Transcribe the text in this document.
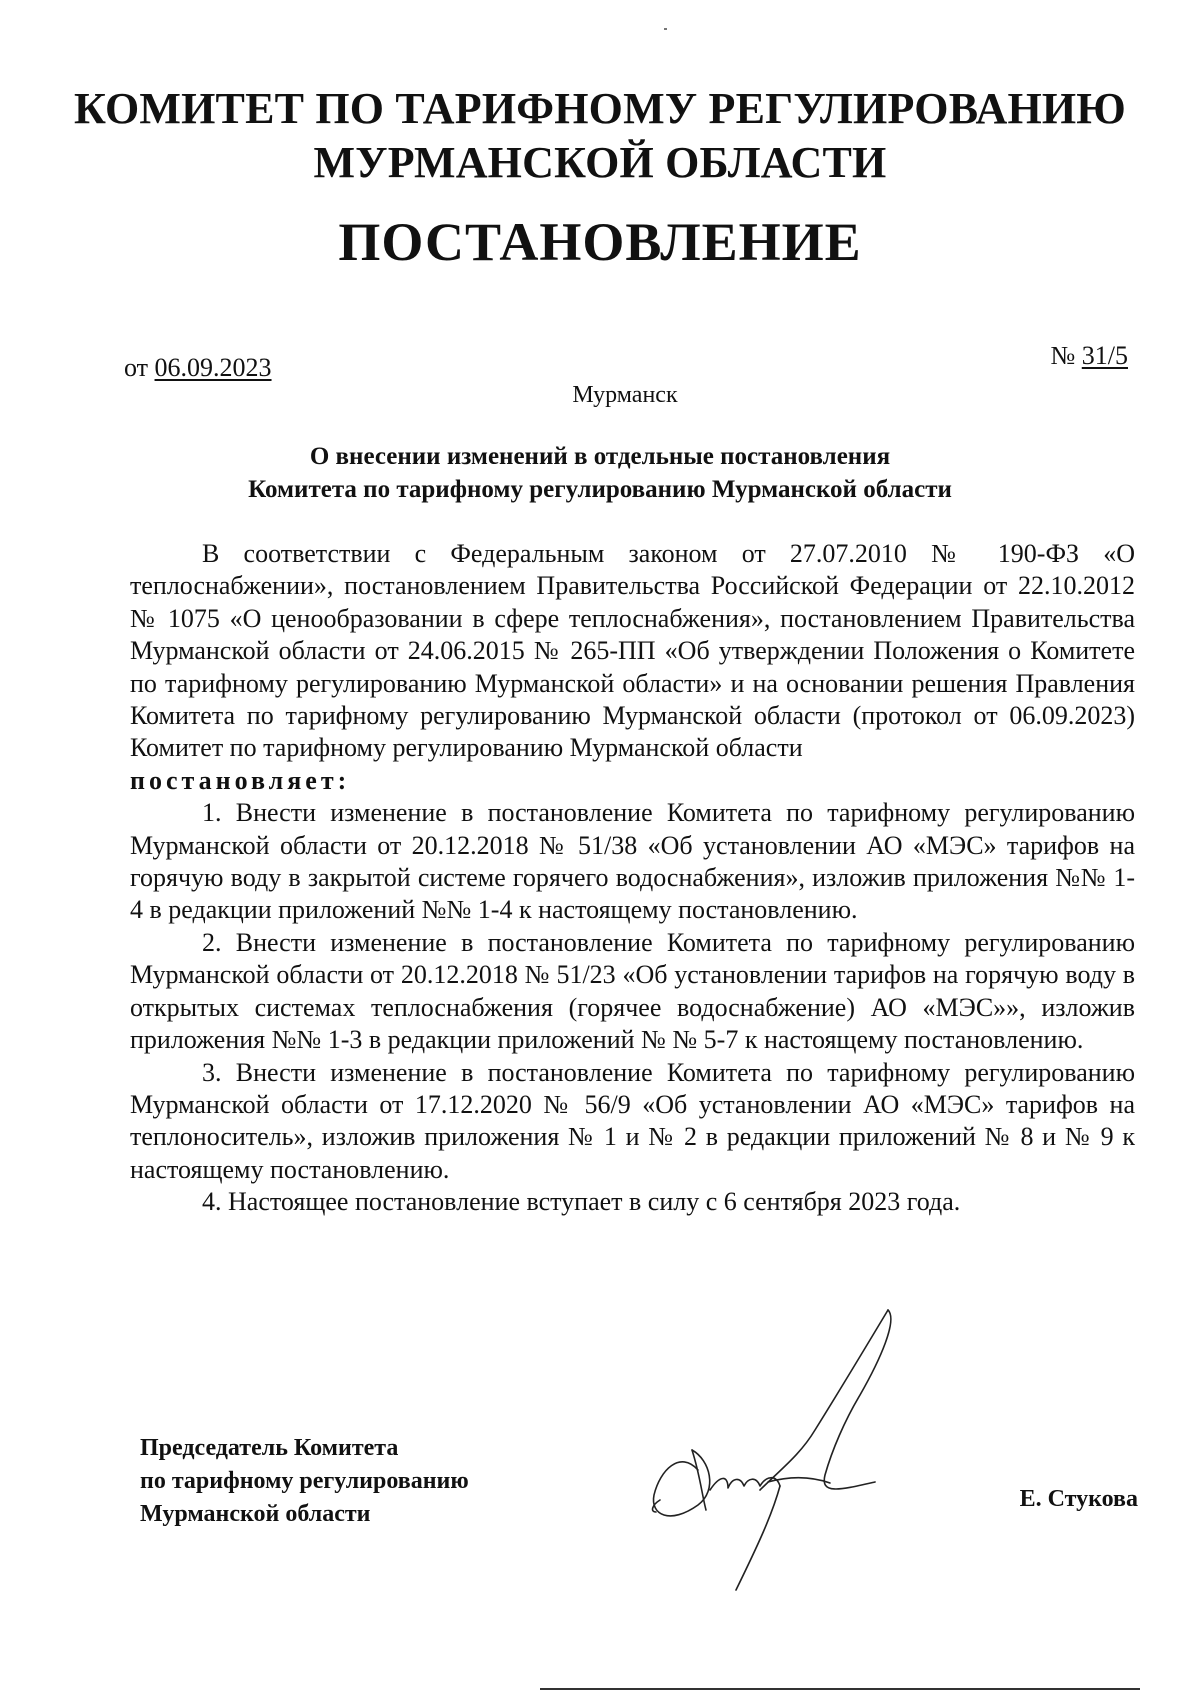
КОМИТЕТ ПО ТАРИФНОМУ РЕГУЛИРОВАНИЮ
МУРМАНСКОЙ ОБЛАСТИ
ПОСТАНОВЛЕНИЕ
от 06.09.2023	№ 31/5
Мурманск
О внесении изменений в отдельные постановления
Комитета по тарифному регулированию Мурманской области

В соответствии с Федеральным законом от 27.07.2010 № 190-ФЗ «О теплоснабжении», постановлением Правительства Российской Федерации от 22.10.2012 № 1075 «О ценообразовании в сфере теплоснабжения», постановлением Правительства Мурманской области от 24.06.2015 № 265-ПП «Об утверждении Положения о Комитете по тарифному регулированию Мурманской области» и на основании решения Правления Комитета по тарифному регулированию Мурманской области (протокол от 06.09.2023) Комитет по тарифному регулированию Мурманской области

постановляет:

1. Внести изменение в постановление Комитета по тарифному регулированию Мурманской области от 20.12.2018 № 51/38 «Об установлении АО «МЭС» тарифов на горячую воду в закрытой системе горячего водоснабжения», изложив приложения №№ 1-4 в редакции приложений №№ 1-4 к настоящему постановлению.

2. Внести изменение в постановление Комитета по тарифному регулированию Мурманской области от 20.12.2018 № 51/23 «Об установлении тарифов на горячую воду в открытых системах теплоснабжения (горячее водоснабжение) АО «МЭС»», изложив приложения №№ 1-3 в редакции приложений № № 5-7 к настоящему постановлению.

3. Внести изменение в постановление Комитета по тарифному регулированию Мурманской области от 17.12.2020 № 56/9 «Об установлении АО «МЭС» тарифов на теплоноситель», изложив приложения № 1 и № 2 в редакции приложений № 8 и № 9 к настоящему постановлению.

4. Настоящее постановление вступает в силу с 6 сентября 2023 года.

Председатель Комитета
по тарифному регулированию
Мурманской области
Е. Стукова
